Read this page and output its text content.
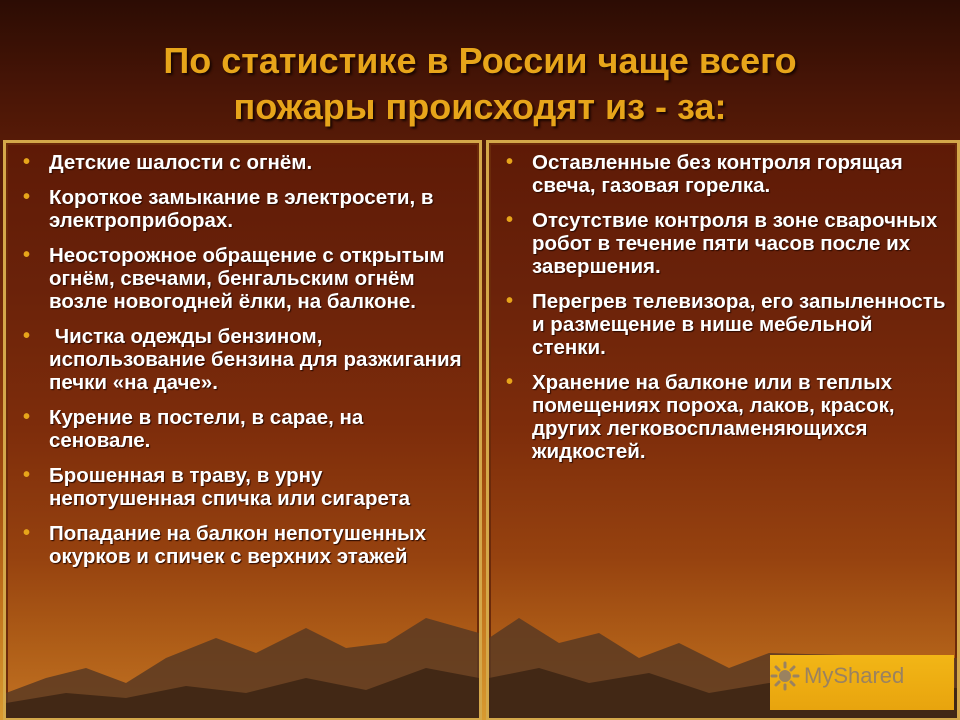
По статистике в России чаще всего
пожары происходят из - за:
• Детские шалости с огнём.
• Короткое замыкание в электросети, в электроприборах.
• Неосторожное обращение с открытым огнём, свечами, бенгальским огнём возле новогодней ёлки, на балконе.
• Чистка одежды бензином, использование бензина для разжигания печки «на даче».
• Курение в постели, в сарае, на сеновале.
• Брошенная в траву, в урну непотушенная спичка или сигарета
• Попадание на балкон непотушенных окурков и спичек с верхних этажей
• Оставленные без контроля горящая свеча, газовая горелка.
• Отсутствие контроля в зоне сварочных робот в течение пяти часов после их завершения.
• Перегрев телевизора, его запыленность и размещение в нише мебельной стенки.
• Хранение на балконе или в теплых помещениях пороха, лаков, красок, других легковоспламеняющихся жидкостей.
MyShared
